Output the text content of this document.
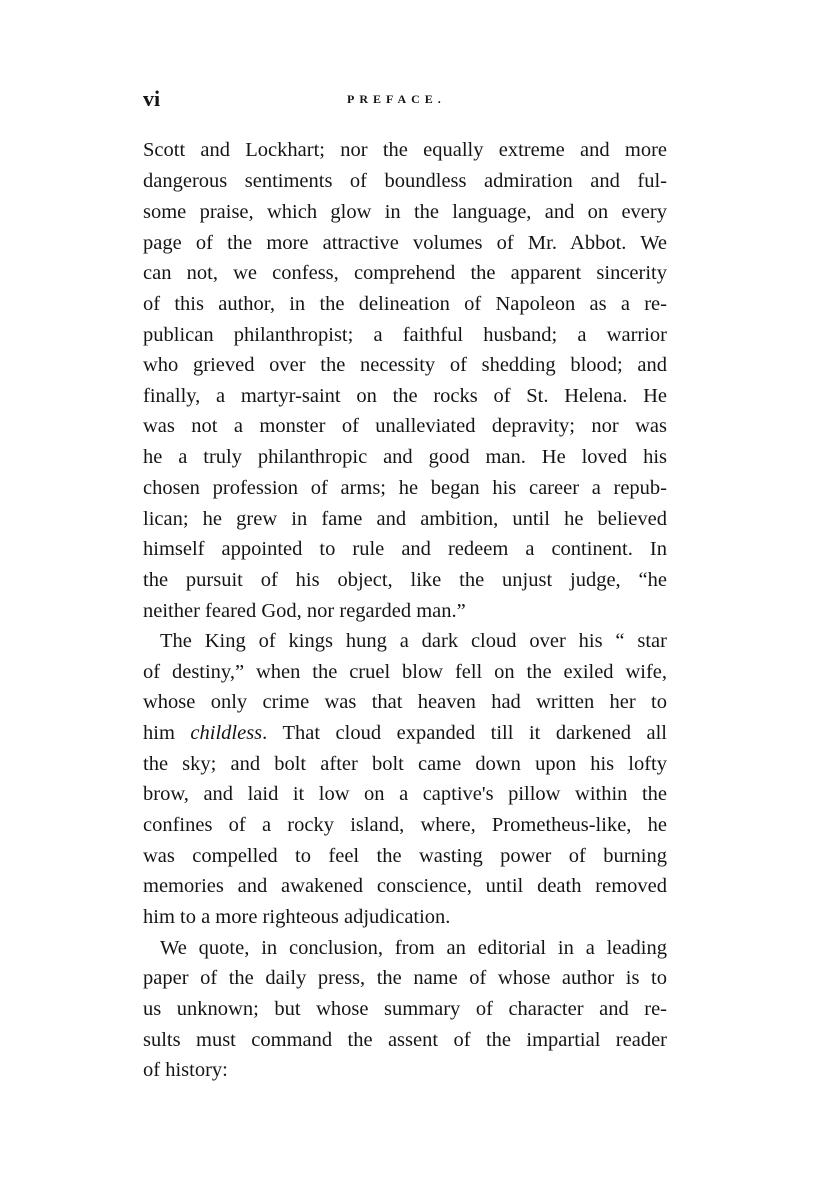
vi	PREFACE.
Scott and Lockhart; nor the equally extreme and more
dangerous sentiments of boundless admiration and ful-
some praise, which glow in the language, and on every
page of the more attractive volumes of Mr. Abbot. We
can not, we confess, comprehend the apparent sincerity
of this author, in the delineation of Napoleon as a re-
publican philanthropist; a faithful husband; a warrior
who grieved over the necessity of shedding blood; and
finally, a martyr-saint on the rocks of St. Helena. He
was not a monster of unalleviated depravity; nor was
he a truly philanthropic and good man. He loved his
chosen profession of arms; he began his career a repub-
lican; he grew in fame and ambition, until he believed
himself appointed to rule and redeem a continent. In
the pursuit of his object, like the unjust judge, “he
neither feared God, nor regarded man.”
The King of kings hung a dark cloud over his “ star
of destiny,” when the cruel blow fell on the exiled wife,
whose only crime was that heaven had written her to
him childless. That cloud expanded till it darkened all
the sky; and bolt after bolt came down upon his lofty
brow, and laid it low on a captive's pillow within the
confines of a rocky island, where, Prometheus-like, he
was compelled to feel the wasting power of burning
memories and awakened conscience, until death removed
him to a more righteous adjudication.
We quote, in conclusion, from an editorial in a leading
paper of the daily press, the name of whose author is to
us unknown; but whose summary of character and re-
sults must command the assent of the impartial reader
of history:
